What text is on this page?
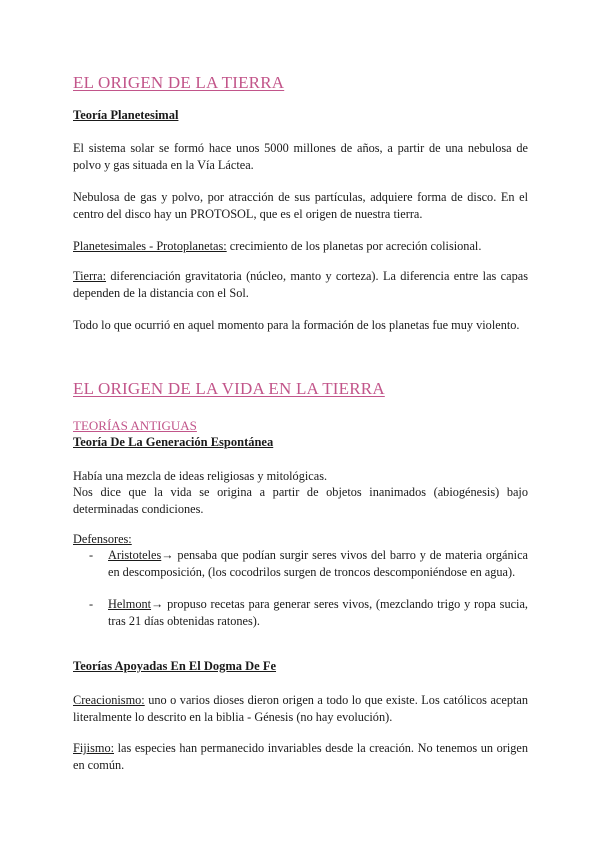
EL ORIGEN DE LA TIERRA
Teoría Planetesimal

El sistema solar se formó hace unos 5000 millones de años, a partir de una nebulosa de polvo y gas situada en la Vía Láctea.

Nebulosa de gas y polvo, por atracción de sus partículas, adquiere forma de disco. En el centro del disco hay un PROTOSOL, que es el origen de nuestra tierra.

Planetesimales - Protoplanetas: crecimiento de los planetas por acreción colisional.

Tierra: diferenciación gravitatoria (núcleo, manto y corteza). La diferencia entre las capas dependen de la distancia con el Sol.

Todo lo que ocurrió en aquel momento para la formación de los planetas fue muy violento.

EL ORIGEN DE LA VIDA EN LA TIERRA
TEORÍAS ANTIGUAS
Teoría De La Generación Espontánea

Había una mezcla de ideas religiosas y mitológicas.

Nos dice que la vida se origina a partir de objetos inanimados (abiogénesis) bajo determinadas condiciones.

Defensores:

- Aristoteles→ pensaba que podían surgir seres vivos del barro y de materia orgánica en descomposición, (los cocodrilos surgen de troncos descomponiéndose en agua).
- Helmont→ propuso recetas para generar seres vivos, (mezclando trigo y ropa sucia, tras 21 días obtenidas ratones).
Teorías Apoyadas En El Dogma De Fe

Creacionismo: uno o varios dioses dieron origen a todo lo que existe. Los católicos aceptan literalmente lo descrito en la biblia - Génesis (no hay evolución).

Fijismo: las especies han permanecido invariables desde la creación. No tenemos un origen en común.
